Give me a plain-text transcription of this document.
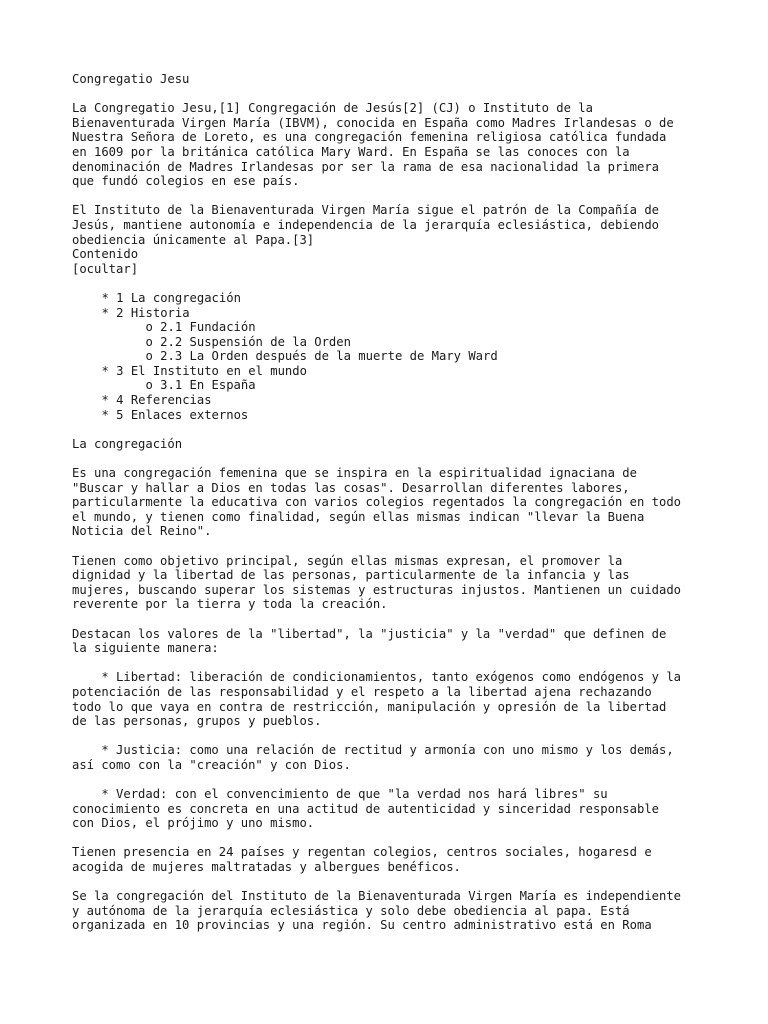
Congregatio Jesu
La Congregatio Jesu,[1] Congregación de Jesús[2] (CJ) o Instituto de la
Bienaventurada Virgen María (IBVM), conocida en España como Madres Irlandesas o de
Nuestra Señora de Loreto, es una congregación femenina religiosa católica fundada
en 1609 por la británica católica Mary Ward. En España se las conoces con la
denominación de Madres Irlandesas por ser la rama de esa nacionalidad la primera
que fundó colegios en ese país.
El Instituto de la Bienaventurada Virgen María sigue el patrón de la Compañía de
Jesús, mantiene autonomía e independencia de la jerarquía eclesiástica, debiendo
obediencia únicamente al Papa.[3]
Contenido
[ocultar]
* 1 La congregación
* 2 Historia
o 2.1 Fundación
o 2.2 Suspensión de la Orden
o 2.3 La Orden después de la muerte de Mary Ward
* 3 El Instituto en el mundo
o 3.1 En España
* 4 Referencias
* 5 Enlaces externos
La congregación
Es una congregación femenina que se inspira en la espiritualidad ignaciana de
"Buscar y hallar a Dios en todas las cosas". Desarrollan diferentes labores,
particularmente la educativa con varios colegios regentados la congregación en todo
el mundo, y tienen como finalidad, según ellas mismas indican "llevar la Buena
Noticia del Reino".
Tienen como objetivo principal, según ellas mismas expresan, el promover la
dignidad y la libertad de las personas, particularmente de la infancia y las
mujeres, buscando superar los sistemas y estructuras injustos. Mantienen un cuidado
reverente por la tierra y toda la creación.
Destacan los valores de la "libertad", la "justicia" y la "verdad" que definen de
la siguiente manera:
* Libertad: liberación de condicionamientos, tanto exógenos como endógenos y la
potenciación de las responsabilidad y el respeto a la libertad ajena rechazando
todo lo que vaya en contra de restricción, manipulación y opresión de la libertad
de las personas, grupos y pueblos.
* Justicia: como una relación de rectitud y armonía con uno mismo y los demás,
así como con la "creación" y con Dios.
* Verdad: con el convencimiento de que "la verdad nos hará libres" su
conocimiento es concreta en una actitud de autenticidad y sinceridad responsable
con Dios, el prójimo y uno mismo.
Tienen presencia en 24 países y regentan colegios, centros sociales, hogaresd e
acogida de mujeres maltratadas y albergues benéficos.
Se la congregación del Instituto de la Bienaventurada Virgen María es independiente
y autónoma de la jerarquía eclesiástica y solo debe obediencia al papa. Está
organizada en 10 provincias y una región. Su centro administrativo está en Roma
